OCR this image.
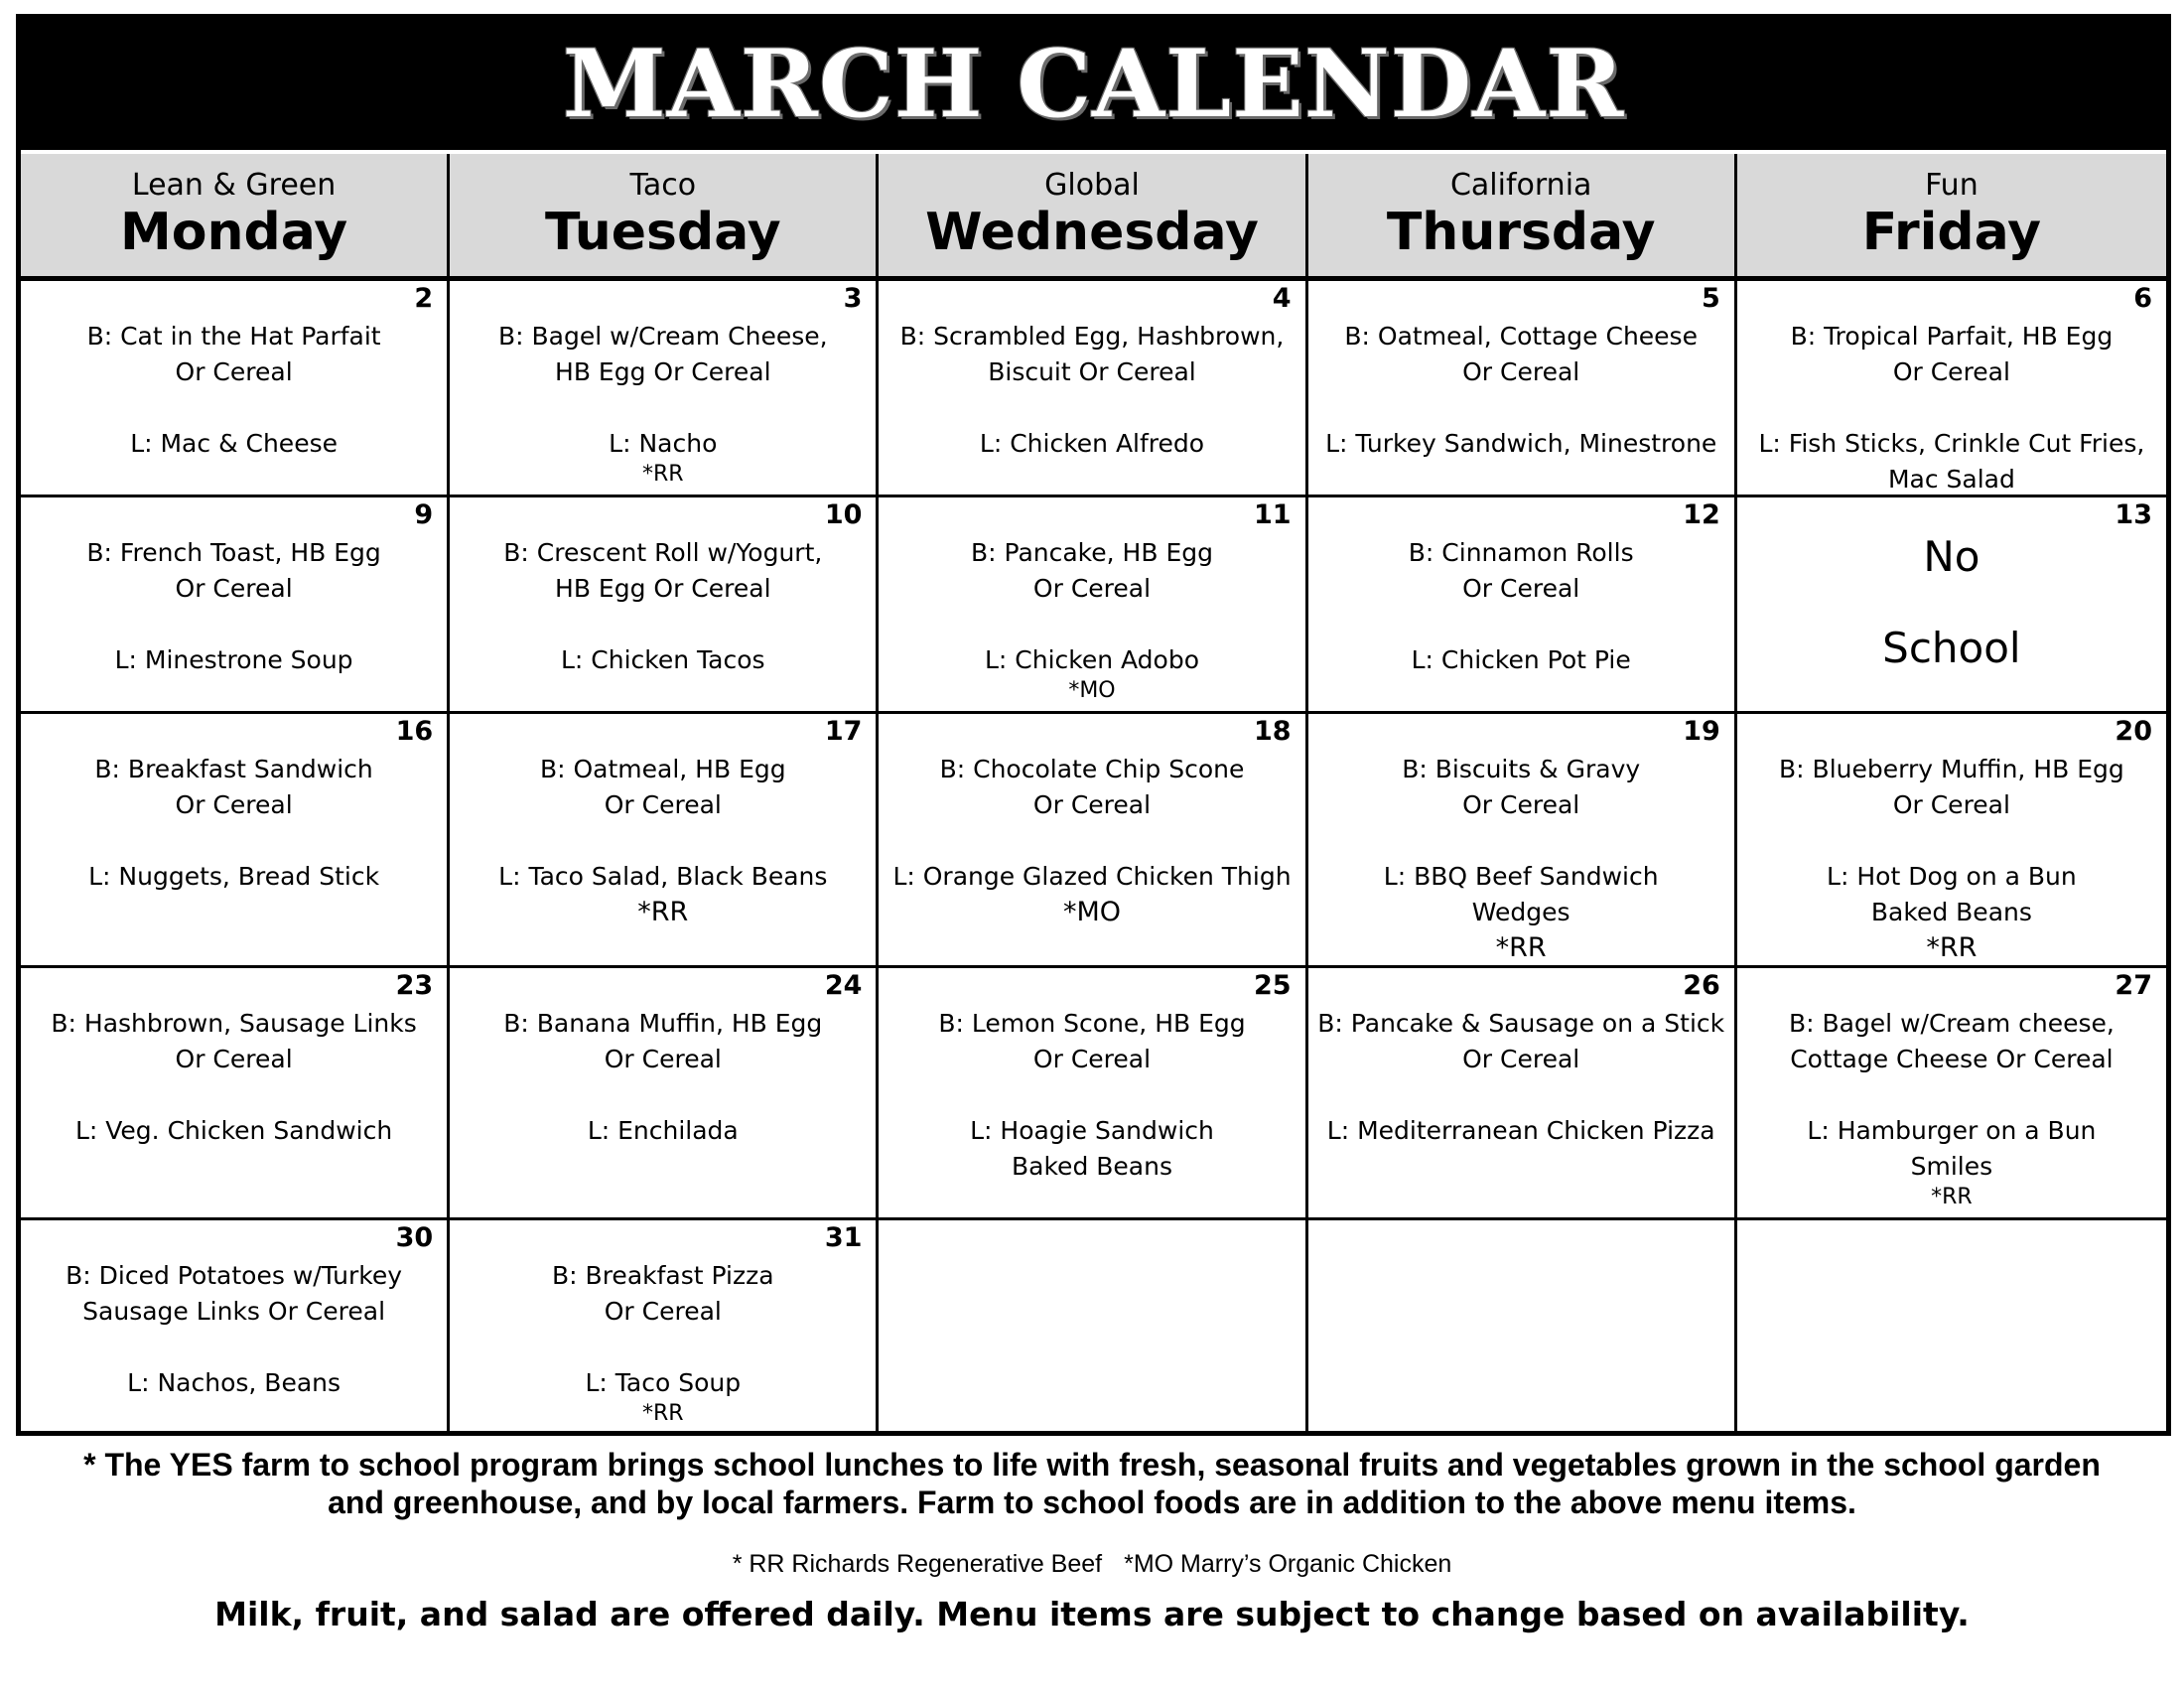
MARCH CALENDAR
Lean & Green
Monday
Taco
Tuesday
Global
Wednesday
California
Thursday
Fun
Friday
2
B: Cat in the Hat Parfait
Or Cereal
L: Mac & Cheese
3
B: Bagel w/Cream Cheese,
HB Egg Or Cereal
L: Nacho
*RR
4
B: Scrambled Egg, Hashbrown,
Biscuit Or Cereal
L: Chicken Alfredo
5
B: Oatmeal, Cottage Cheese
Or Cereal
L: Turkey Sandwich, Minestrone
6
B: Tropical Parfait, HB Egg
Or Cereal
L: Fish Sticks, Crinkle Cut Fries,
Mac Salad
9
B: French Toast, HB Egg
Or Cereal
L: Minestrone Soup
10
B: Crescent Roll w/Yogurt,
HB Egg Or Cereal
L: Chicken Tacos
11
B: Pancake, HB Egg
Or Cereal
L: Chicken Adobo
*MO
12
B: Cinnamon Rolls
Or Cereal
L: Chicken Pot Pie
13
No
School
16
B: Breakfast Sandwich
Or Cereal
L: Nuggets, Bread Stick
17
B: Oatmeal, HB Egg
Or Cereal
L: Taco Salad, Black Beans
*RR
18
B: Chocolate Chip Scone
Or Cereal
L: Orange Glazed Chicken Thigh
*MO
19
B: Biscuits & Gravy
Or Cereal
L: BBQ Beef Sandwich
Wedges
*RR
20
B: Blueberry Muffin, HB Egg
Or Cereal
L: Hot Dog on a Bun
Baked Beans
*RR
23
B: Hashbrown, Sausage Links
Or Cereal
L: Veg. Chicken Sandwich
24
B: Banana Muffin, HB Egg
Or Cereal
L: Enchilada
25
B: Lemon Scone, HB Egg
Or Cereal
L: Hoagie Sandwich
Baked Beans
26
B: Pancake & Sausage on a Stick
Or Cereal
L: Mediterranean Chicken Pizza
27
B: Bagel w/Cream cheese,
Cottage Cheese Or Cereal
L: Hamburger on a Bun
Smiles
*RR
30
B: Diced Potatoes w/Turkey
Sausage Links Or Cereal
L: Nachos, Beans
31
B: Breakfast Pizza
Or Cereal
L: Taco Soup
*RR
* The YES farm to school program brings school lunches to life with fresh, seasonal fruits and vegetables grown in the school garden and greenhouse, and by local farmers. Farm to school foods are in addition to the above menu items.
* RR Richards Regenerative Beef *MO Marry’s Organic Chicken
Milk, fruit, and salad are offered daily. Menu items are subject to change based on availability.
